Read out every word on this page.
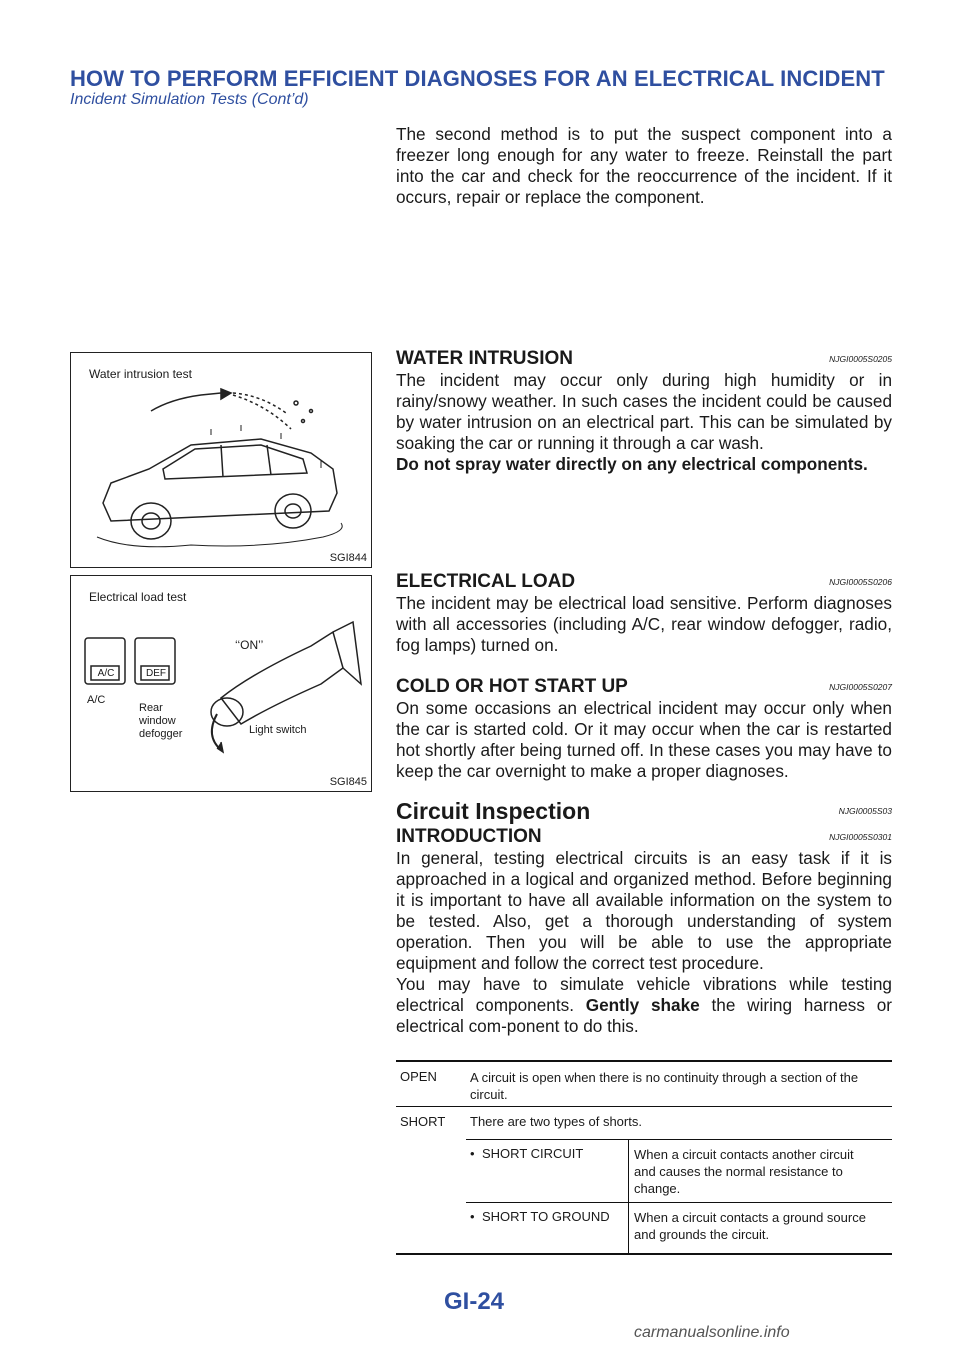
HOW TO PERFORM EFFICIENT DIAGNOSES FOR AN ELECTRICAL INCIDENT
Incident Simulation Tests (Cont’d)

The second method is to put the suspect component into a freezer long enough for any water to freeze. Reinstall the part into the car and check for the reoccurrence of the incident. If it occurs, repair or replace the component.

Water intrusion test
SGI844
WATER INTRUSION	NJGI0005S0205

The incident may occur only during high humidity or in rainy/snowy weather. In such cases the incident could be caused by water intrusion on an electrical part. This can be simulated by soaking the car or running it through a car wash.

Do not spray water directly on any electrical components.

Electrical load test
A/C	DEF
A/C
Rear window defogger
‘‘ON’’
Light switch
SGI845
ELECTRICAL LOAD	NJGI0005S0206

The incident may be electrical load sensitive. Perform diagnoses with all accessories (including A/C, rear window defogger, radio, fog lamps) turned on.

COLD OR HOT START UP	NJGI0005S0207

On some occasions an electrical incident may occur only when the car is started cold. Or it may occur when the car is restarted hot shortly after being turned off. In these cases you may have to keep the car overnight to make a proper diagnoses.

Circuit Inspection	NJGI0005S03
INTRODUCTION	NJGI0005S0301

In general, testing electrical circuits is an easy task if it is approached in a logical and organized method. Before beginning it is important to have all available information on the system to be tested. Also, get a thorough understanding of system operation. Then you will be able to use the appropriate equipment and follow the correct test procedure.

You may have to simulate vehicle vibrations while testing electrical components. Gently shake the wiring harness or electrical com-ponent to do this.

OPEN	A circuit is open when there is no continuity through a section of the circuit.
SHORT There are two types of shorts.
• SHORT CIRCUIT	When a circuit contacts another circuit and causes the normal resistance to change.
• SHORT TO GROUND When a circuit contacts a ground source and grounds the circuit.
GI-24
carmanualsonline.info
